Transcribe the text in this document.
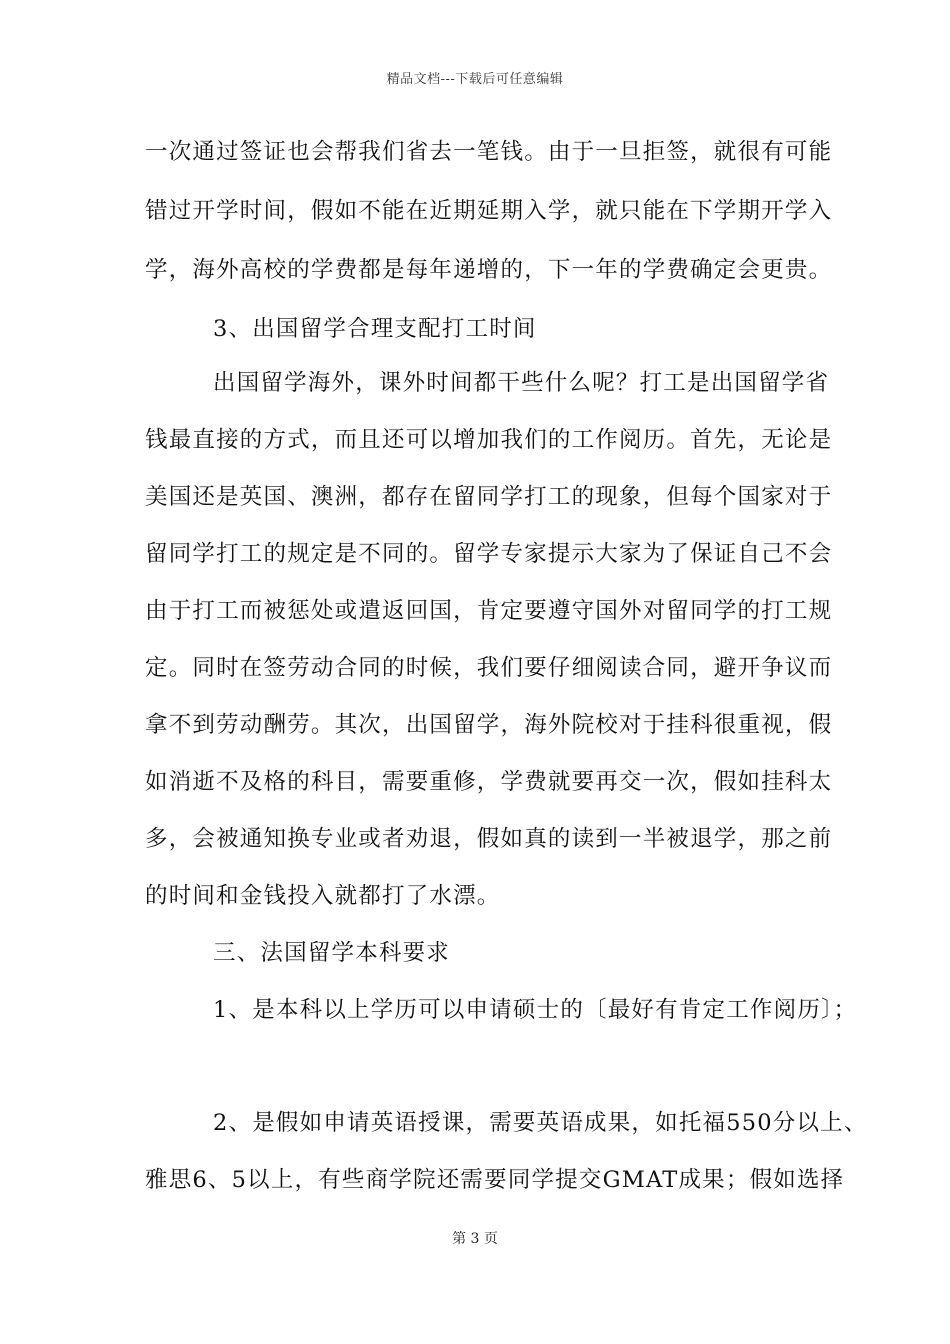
精品文档---下载后可任意编辑
一次通过签证也会帮我们省去一笔钱。由于一旦拒签，就很有可能
错过开学时间，假如不能在近期延期入学，就只能在下学期开学入
学，海外高校的学费都是每年递增的，下一年的学费确定会更贵。
3、出国留学合理支配打工时间
出国留学海外，课外时间都干些什么呢？打工是出国留学省
钱最直接的方式，而且还可以增加我们的工作阅历。首先，无论是
美国还是英国、澳洲，都存在留同学打工的现象，但每个国家对于
留同学打工的规定是不同的。留学专家提示大家为了保证自己不会
由于打工而被惩处或遣返回国，肯定要遵守国外对留同学的打工规
定。同时在签劳动合同的时候，我们要仔细阅读合同，避开争议而
拿不到劳动酬劳。其次，出国留学，海外院校对于挂科很重视，假
如消逝不及格的科目，需要重修，学费就要再交一次，假如挂科太
多，会被通知换专业或者劝退，假如真的读到一半被退学，那之前
的时间和金钱投入就都打了水漂。
三、法国留学本科要求
1、是本科以上学历可以申请硕士的〔最好有肯定工作阅历〕；
2、是假如申请英语授课，需要英语成果，如托福550分以上、
雅思6、5以上，有些商学院还需要同学提交GMAT成果；假如选择
第 3 页
